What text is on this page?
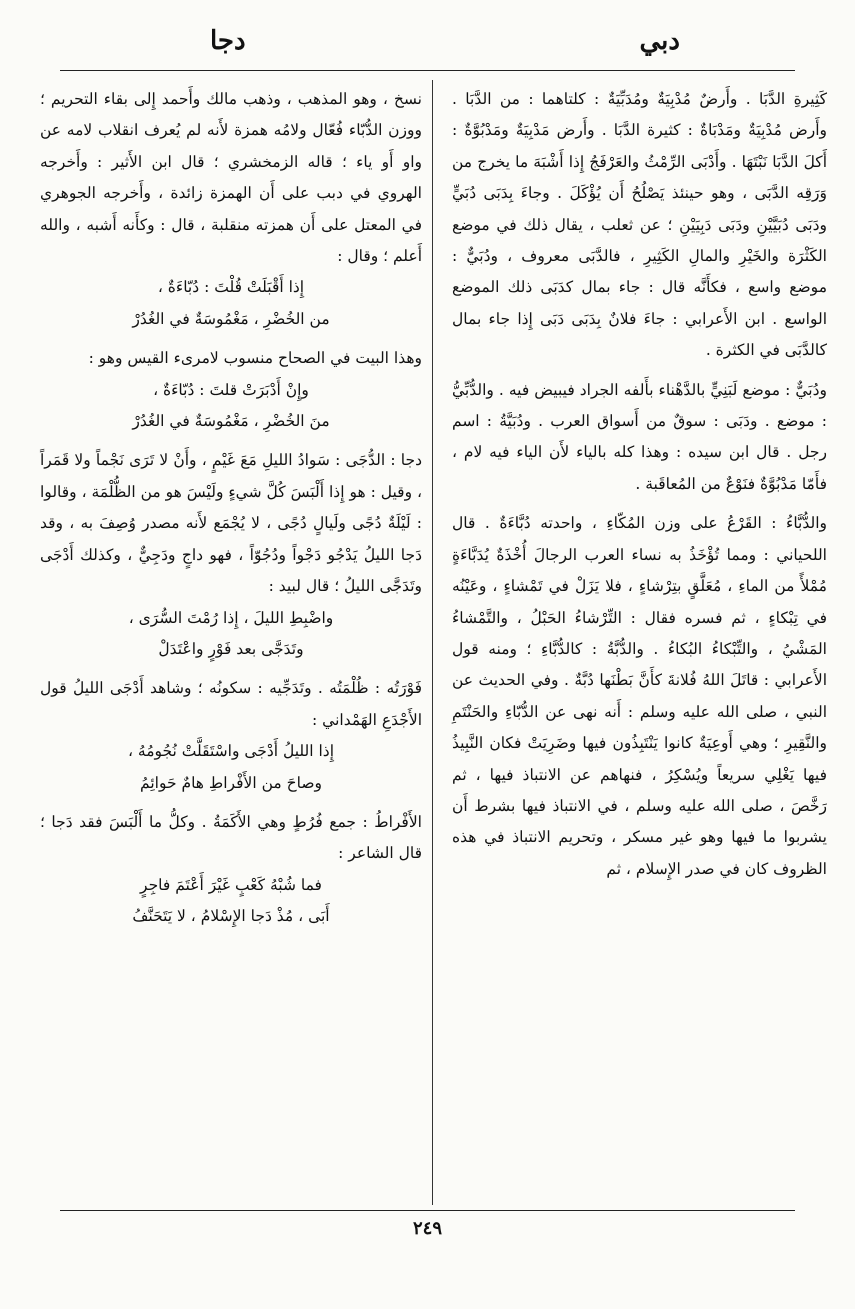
دبي
دجا

كَثِيرةِ الدَّبَا . وأَرضٌ مُدْبِيَةٌ ومُدَبِّيَةٌ : كلتاهما : من الدَّبَا . وأَرض مُدْبِيَةٌ ومَدْبَاةٌ : كثيرة الدَّبَا . وأَرض مَدْبِيَةٌ ومَدْبُوَّةٌ : أَكلَ الدَّبَا نَبْتَهَا . وأَدْبَى الرِّمْثُ والعَرْفَجُ إِذا أَشْبَهَ ما يخرج من وَرَقِه الدَّبَى ، وهو حينئذ يَصْلُحُ أَن يُؤْكَلَ . وجاءَ بِدَبَى دُبَيٍّ ودَبَى دُبَيَّيْنِ ودَبَى دَبِيَيْنِ ؛ عن ثعلب ، يقال ذلك في موضع الكَثْرَة والخَيْرِ والمالِ الكَثِيرِ ، فالدَّبَى معروف ، ودُبَيٌّ : موضع واسع ، فكأَنَّه قال : جاء بمال كدَبَى ذلك الموضع الواسع . ابن الأَعرابي : جاءَ فلانٌ بِدَبَى دَبَى إِذا جاء بمال كالدَّبَى في الكثرة .

ودُبَيٌّ : موضع لَبَنِيٍّ بالدَّهْناء بأَلفه الجراد فيبيض فيه . والدُّبِّيُّ : موضع . ودَبَى : سوقٌ من أَسواق العرب . ودُبَيَّةُ : اسم رجل . قال ابن سيده : وهذا كله بالياء لأَن الياء فيه لام ، فأَمّا مَدْبُوَّةٌ فنَوْعٌ من المُعاقَبة .

والدُّبَّاءُ : القَرْعُ على وزن المُكّاءِ ، واحدته دُبَّاءَةٌ . قال اللحياني : ومما تُؤْخَذُ به نساء العرب الرجالَ أُخْذَةٌ يُدَبَّاءَةٍ مُمْلأً من الماءِ ، مُعَلَّقٍ بتِرْشاءٍ ، فلا يَزَلْ في تَمْشاءٍ ، وعَيْنُه في تِبْكاءٍ ، ثم فسره فقال : التِّرْشاءُ الحَبْلُ ، والتَّمْشاءُ المَشْيُ ، والتِّبْكاءُ البُكاءُ . والدُّبَّةُ : كالدُّبَّاءِ ؛ ومنه قول الأَعرابي : قاتَلَ اللهُ فُلانةَ كأَنَّ بَطْنَها دُبَّةٌ . وفي الحديث عن النبي ، صلى الله عليه وسلم : أَنه نهى عن الدُّبّاءِ والحَنْتَمِ والنَّقِيرِ ؛ وهي أَوعِيَةٌ كانوا يَنْتَبِذُون فيها وضَرِيَتْ فكان النَّبِيذُ فيها يَغْلِي سريعاً ويُسْكِرُ ، فنهاهم عن الانتباذ فيها ، ثم رَخَّصَ ، صلى الله عليه وسلم ، في الانتباذ فيها بشرط أَن يشربوا ما فيها وهو غير مسكر ، وتحريم الانتباذ في هذه الظروف كان في صدر الإِسلام ، ثم

نسخ ، وهو المذهب ، وذهب مالك وأَحمد إِلى بقاء التحريم ؛ ووزن الدُّبّاء فُعّال ولامُه همزة لأَنه لم يُعرف انقلاب لامه عن واو أَو ياء ؛ قاله الزمخشري ؛ قال ابن الأَثير : وأَخرجه الهروي في دبب على أَن الهمزة زائدة ، وأَخرجه الجوهري في المعتل على أَن همزته منقلبة ، قال : وكأَنه أَشبه ، والله أَعلم ؛ وقال :

إِذا أَقْبَلَتْ قُلْتَ : دُبّاءَةٌ ،

من الخُضْرِ ، مَغْمُوسَةٌ في الغُدُرْ

وهذا البيت في الصحاح منسوب لامرىء القيس وهو :

وإِنْ أَدْبَرَتْ قلتَ : دُبّاءَةٌ ،

منَ الخُضْرِ ، مَغْمُوسَةٌ في الغُدُرْ

دجا : الدُّجَى : سَوادُ الليلِ مَعَ غَيْمٍ ، وأَنْ لا تَرَى نَجْماً ولا قَمَراً ، وقيل : هو إِذا أَلْبَسَ كُلَّ شيءٍ ولَيْسَ هو من الظُّلْمَة ، وقالوا : لَيْلَةٌ دُجًى ولَيالٍ دُجًى ، لا يُجْمَع لأَنه مصدر وُصِفَ به ، وقد دَجا الليلُ يَدْجُو دَجْواً ودُجُوّاً ، فهو داجٍ ودَجِيٌّ ، وكذلك أَدْجَى وتَدَجَّى الليلُ ؛ قال لبيد :

واضْبِطِ الليلَ ، إِذا رُمْتَ السُّرَى ،

وتَدَجَّى بعد فَوْرٍ واعْتَدَلْ

فَوْرَتُه : ظُلْمَتُه . وتَدَجِّيه : سكونُه ؛ وشاهد أَدْجَى الليلُ قول الأَجْدَعِ الهَمْداني :

إِذا الليلُ أَدْجَى واسْتَقَلَّتْ نُجُومُهُ ،

وصاحَ من الأَفْراطِ هامٌ حَوائِمُ

الأَفْراطُ : جمع فُرُطٍ وهي الأَكَمَةُ . وكلُّ ما أَلْبَسَ فقد دَجا ؛ قال الشاعر :

فما شُبْهُ كَعْبٍ غَيْرَ أَعْتَمَ فاجِرٍ

أَبَى ، مُذْ دَجا الإِسْلامُ ، لا يَتَحَنَّفُ

٢٤٩
